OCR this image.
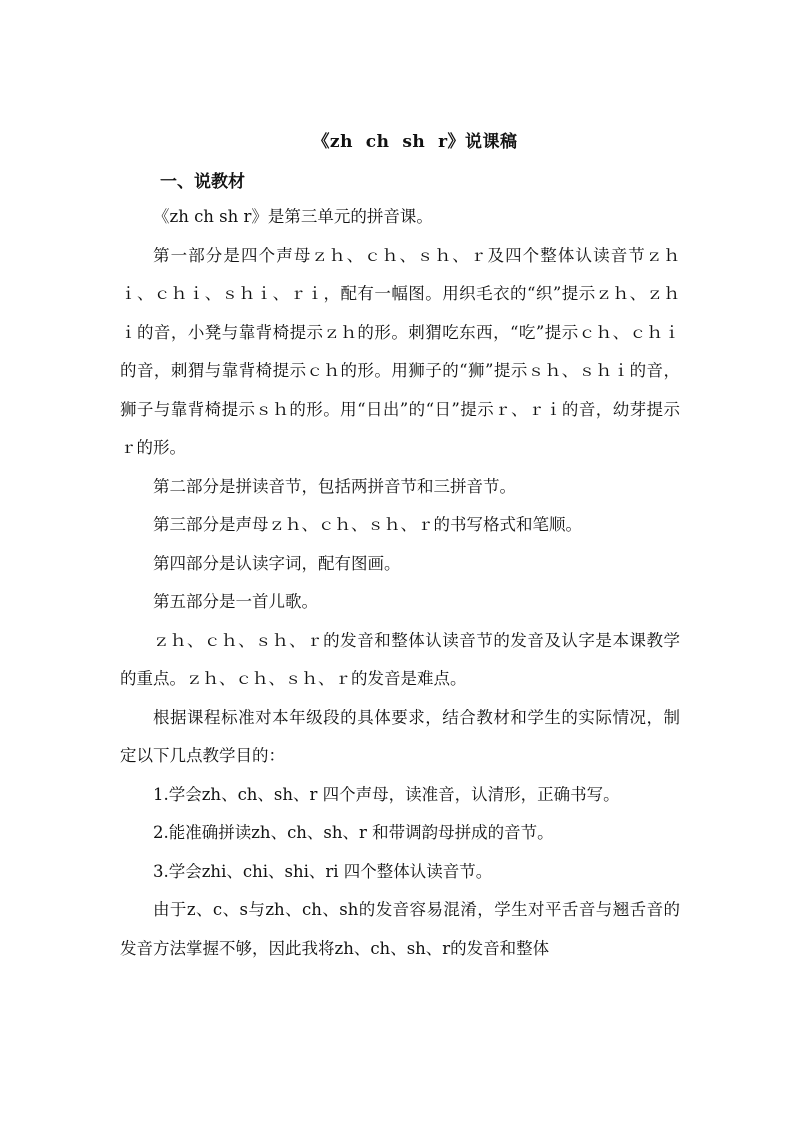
《zh  ch  sh  r》说课稿
一、说教材

《zh ch sh r》是第三单元的拼音课。

第一部分是四个声母ｚｈ、ｃｈ、ｓｈ、ｒ及四个整体认读音节ｚｈｉ、ｃｈｉ、ｓｈｉ、ｒｉ，配有一幅图。用织毛衣的“织”提示ｚｈ、ｚｈｉ的音，小凳与靠背椅提示ｚｈ的形。刺猬吃东西，“吃”提示ｃｈ、ｃｈｉ的音，刺猬与靠背椅提示ｃｈ的形。用狮子的“狮”提示ｓｈ、ｓｈｉ的音，狮子与靠背椅提示ｓｈ的形。用“日出”的“日”提示ｒ、ｒｉ的音，幼芽提示ｒ的形。

第二部分是拼读音节，包括两拼音节和三拼音节。

第三部分是声母ｚｈ、ｃｈ、ｓｈ、ｒ的书写格式和笔顺。

第四部分是认读字词，配有图画。

第五部分是一首儿歌。

ｚｈ、ｃｈ、ｓｈ、ｒ的发音和整体认读音节的发音及认字是本课教学的重点。ｚｈ、ｃｈ、ｓｈ、ｒ的发音是难点。

根据课程标准对本年级段的具体要求，结合教材和学生的实际情况，制定以下几点教学目的：

1.学会zh、ch、sh、r 四个声母，读准音，认清形，正确书写。

2.能准确拼读zh、ch、sh、r 和带调韵母拼成的音节。

3.学会zhi、chi、shi、ri 四个整体认读音节。

由于z、c、s与zh、ch、sh的发音容易混淆，学生对平舌音与翘舌音的发音方法掌握不够，因此我将zh、ch、sh、r的发音和整体
